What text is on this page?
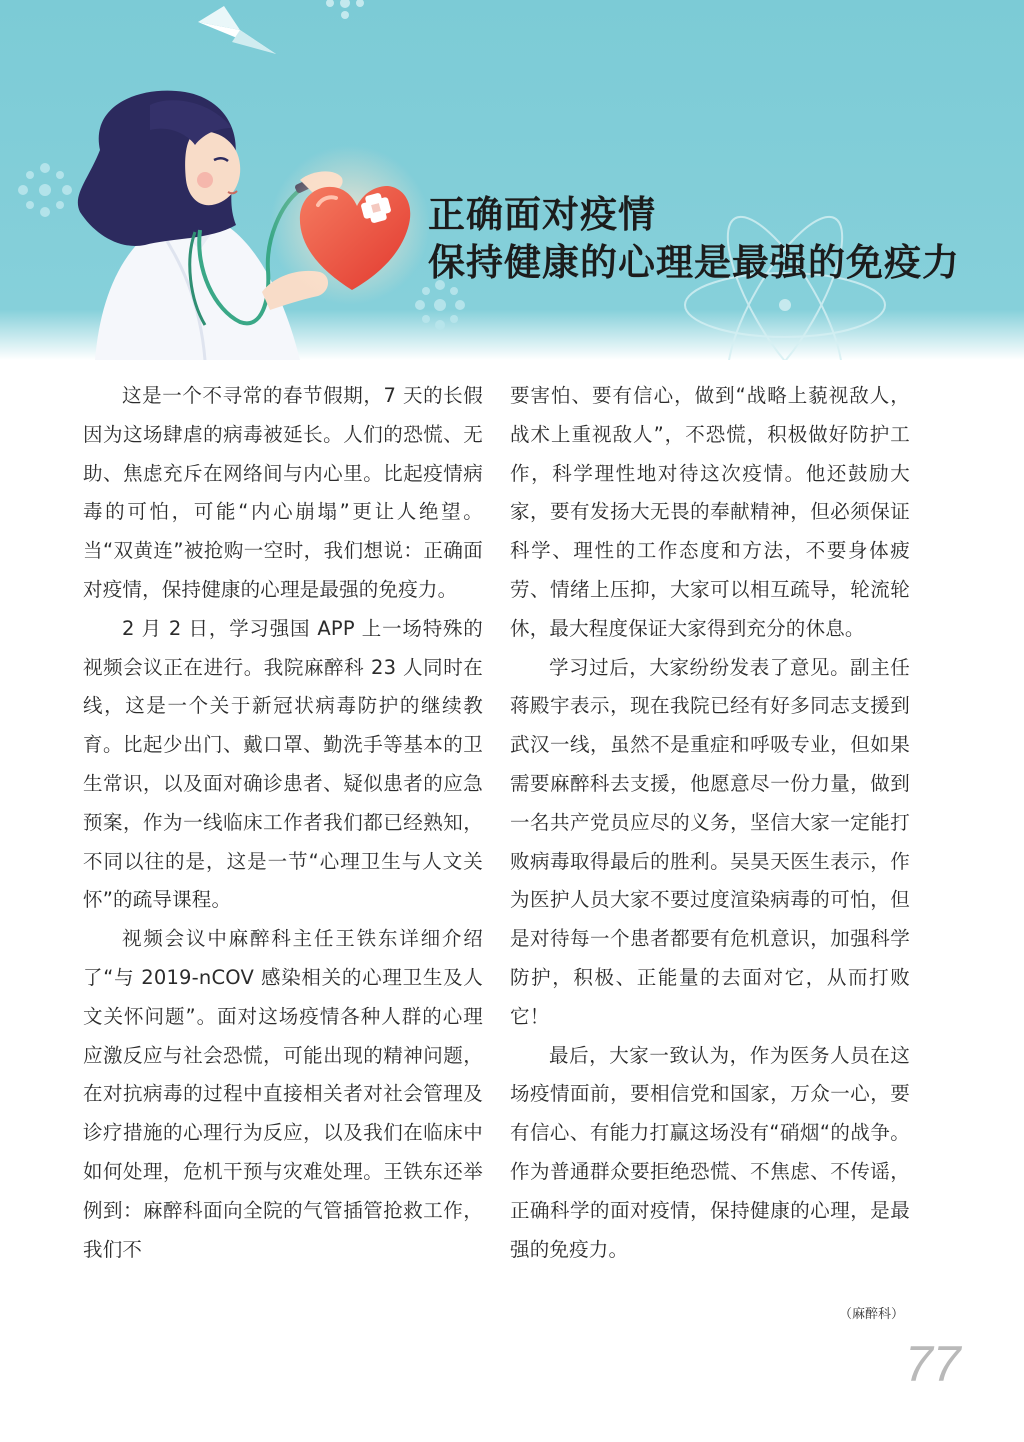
正确面对疫情
保持健康的心理是最强的免疫力

这是一个不寻常的春节假期，7 天的长假因为这场肆虐的病毒被延长。人们的恐慌、无助、焦虑充斥在网络间与内心里。比起疫情病毒的可怕，可能“内心崩塌”更让人绝望。当“双黄连”被抢购一空时，我们想说：正确面对疫情，保持健康的心理是最强的免疫力。

2 月 2 日，学习强国 APP 上一场特殊的视频会议正在进行。我院麻醉科 23 人同时在线，这是一个关于新冠状病毒防护的继续教育。比起少出门、戴口罩、勤洗手等基本的卫生常识，以及面对确诊患者、疑似患者的应急预案，作为一线临床工作者我们都已经熟知，不同以往的是，这是一节“心理卫生与人文关怀”的疏导课程。

视频会议中麻醉科主任王铁东详细介绍了“与 2019-nCOV 感染相关的心理卫生及人文关怀问题”。面对这场疫情各种人群的心理应激反应与社会恐慌，可能出现的精神问题，在对抗病毒的过程中直接相关者对社会管理及诊疗措施的心理行为反应，以及我们在临床中如何处理，危机干预与灾难处理。王铁东还举例到：麻醉科面向全院的气管插管抢救工作，我们不

要害怕、要有信心，做到“战略上藐视敌人，战术上重视敌人”，不恐慌，积极做好防护工作，科学理性地对待这次疫情。他还鼓励大家，要有发扬大无畏的奉献精神，但必须保证科学、理性的工作态度和方法，不要身体疲劳、情绪上压抑，大家可以相互疏导，轮流轮休，最大程度保证大家得到充分的休息。

学习过后，大家纷纷发表了意见。副主任蒋殿宇表示，现在我院已经有好多同志支援到武汉一线，虽然不是重症和呼吸专业，但如果需要麻醉科去支援，他愿意尽一份力量，做到一名共产党员应尽的义务，坚信大家一定能打败病毒取得最后的胜利。吴昊天医生表示，作为医护人员大家不要过度渲染病毒的可怕，但是对待每一个患者都要有危机意识，加强科学防护，积极、正能量的去面对它，从而打败它！

最后，大家一致认为，作为医务人员在这场疫情面前，要相信党和国家，万众一心，要有信心、有能力打赢这场没有“硝烟“的战争。作为普通群众要拒绝恐慌、不焦虑、不传谣，正确科学的面对疫情，保持健康的心理，是最强的免疫力。

（麻醉科）
77
